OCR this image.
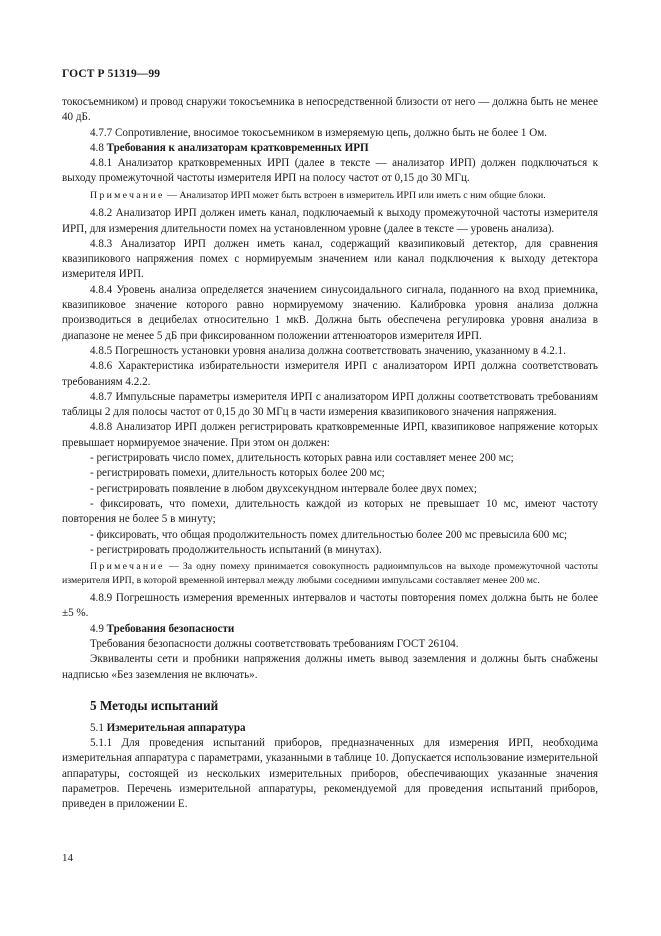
ГОСТ Р 51319—99

токосъемником) и провод снаружи токосъемника в непосредственной близости от него — должна быть не менее 40 дБ.

4.7.7 Сопротивление, вносимое токосъемником в измеряемую цепь, должно быть не более 1 Ом.

4.8 Требования к анализаторам кратковременных ИРП

4.8.1 Анализатор кратковременных ИРП (далее в тексте — анализатор ИРП) должен подключаться к выходу промежуточной частоты измерителя ИРП на полосу частот от 0,15 до 30 МГц.

Примечание — Анализатор ИРП может быть встроен в измеритель ИРП или иметь с ним общие блоки.

4.8.2 Анализатор ИРП должен иметь канал, подключаемый к выходу промежуточной частоты измерителя ИРП, для измерения длительности помех на установленном уровне (далее в тексте — уровень анализа).

4.8.3 Анализатор ИРП должен иметь канал, содержащий квазипиковый детектор, для сравнения квазипикового напряжения помех с нормируемым значением или канал подключения к выходу детектора измерителя ИРП.

4.8.4 Уровень анализа определяется значением синусоидального сигнала, поданного на вход приемника, квазипиковое значение которого равно нормируемому значению. Калибровка уровня анализа должна производиться в децибелах относительно 1 мкВ. Должна быть обеспечена регулировка уровня анализа в диапазоне не менее 5 дБ при фиксированном положении аттенюаторов измерителя ИРП.

4.8.5 Погрешность установки уровня анализа должна соответствовать значению, указанному в 4.2.1.

4.8.6 Характеристика избирательности измерителя ИРП с анализатором ИРП должна соответствовать требованиям 4.2.2.

4.8.7 Импульсные параметры измерителя ИРП с анализатором ИРП должны соответствовать требованиям таблицы 2 для полосы частот от 0,15 до 30 МГц в части измерения квазипикового значения напряжения.

4.8.8 Анализатор ИРП должен регистрировать кратковременные ИРП, квазипиковое напряжение которых превышает нормируемое значение. При этом он должен:

- регистрировать число помех, длительность которых равна или составляет менее 200 мс;

- регистрировать помехи, длительность которых более 200 мс;

- регистрировать появление в любом двухсекундном интервале более двух помех;

- фиксировать, что помехи, длительность каждой из которых не превышает 10 мс, имеют частоту повторения не более 5 в минуту;

- фиксировать, что общая продолжительность помех длительностью более 200 мс превысила 600 мс;

- регистрировать продолжительность испытаний (в минутах).

Примечание — За одну помеху принимается совокупность радиоимпульсов на выходе промежуточной частоты измерителя ИРП, в которой временной интервал между любыми соседними импульсами составляет менее 200 мс.

4.8.9 Погрешность измерения временных интервалов и частоты повторения помех должна быть не более ±5 %.

4.9 Требования безопасности

Требования безопасности должны соответствовать требованиям ГОСТ 26104.

Эквиваленты сети и пробники напряжения должны иметь вывод заземления и должны быть снабжены надписью «Без заземления не включать».

5 Методы испытаний

5.1 Измерительная аппаратура

5.1.1 Для проведения испытаний приборов, предназначенных для измерения ИРП, необходима измерительная аппаратура с параметрами, указанными в таблице 10. Допускается использование измерительной аппаратуры, состоящей из нескольких измерительных приборов, обеспечивающих указанные значения параметров. Перечень измерительной аппаратуры, рекомендуемой для проведения испытаний приборов, приведен в приложении Е.

14
